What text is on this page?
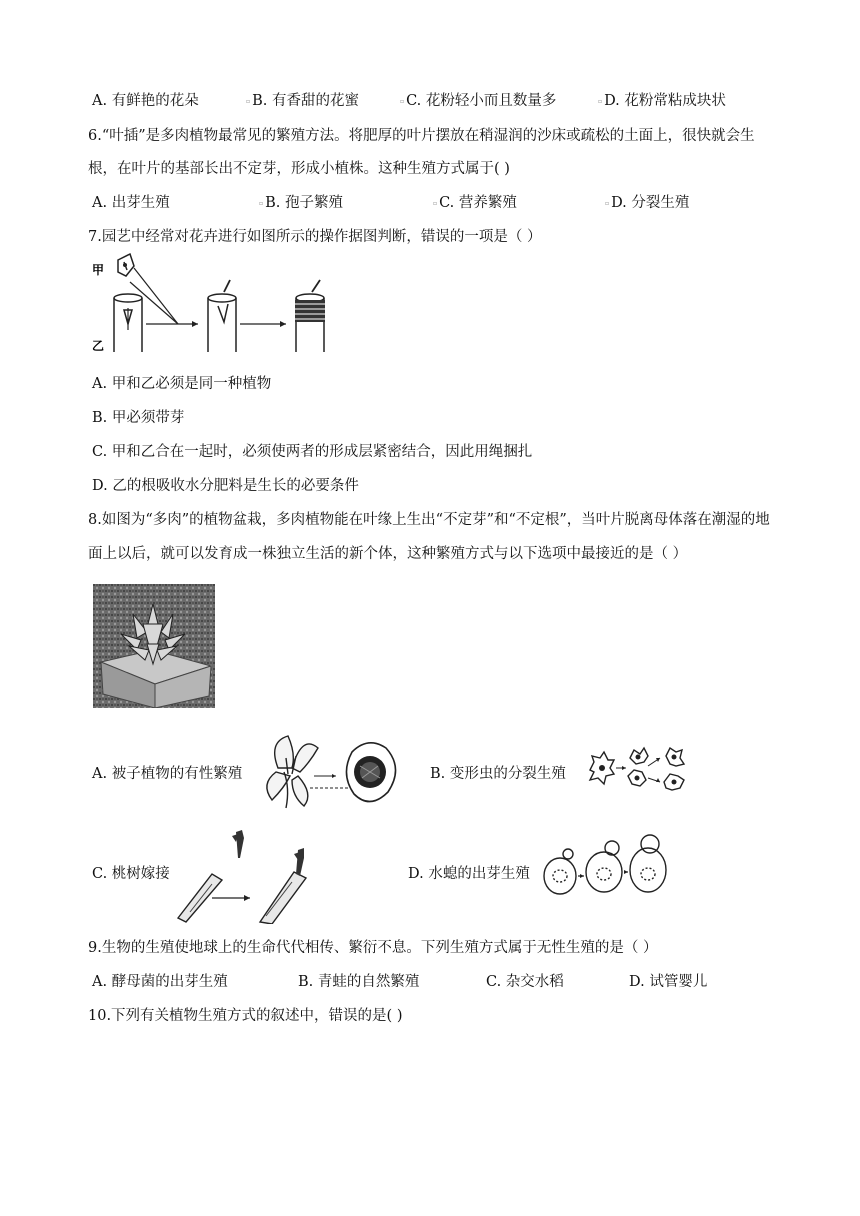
A. 有鲜艳的花朵	▫ B. 有香甜的花蜜	▫ C. 花粉轻小而且数量多	▫ D. 花粉常粘成块状
6.“叶插”是多肉植物最常见的繁殖方法。将肥厚的叶片摆放在稍湿润的沙床或疏松的土面上，很快就会生
根，在叶片的基部长出不定芽，形成小植株。这种生殖方式属于( )
A. 出芽生殖	▫ B. 孢子繁殖	▫ C. 营养繁殖	▫ D. 分裂生殖
7.园艺中经常对花卉进行如图所示的操作据图判断，错误的一项是（ ）
甲
乙
A. 甲和乙必须是同一种植物
B. 甲必须带芽
C. 甲和乙合在一起时，必须使两者的形成层紧密结合，因此用绳捆扎
D. 乙的根吸收水分肥料是生长的必要条件
8.如图为“多肉”的植物盆栽，多肉植物能在叶缘上生出“不定芽”和“不定根”，当叶片脱离母体落在潮湿的地
面上以后，就可以发育成一株独立生活的新个体，这种繁殖方式与以下选项中最接近的是（ ）
A. 被子植物的有性繁殖	B. 变形虫的分裂生殖
C. 桃树嫁接	D. 水螅的出芽生殖
9.生物的生殖使地球上的生命代代相传、繁衍不息。下列生殖方式属于无性生殖的是（ ）
A. 酵母菌的出芽生殖	B. 青蛙的自然繁殖	C. 杂交水稻	D. 试管婴儿
10.下列有关植物生殖方式的叙述中，错误的是( )
